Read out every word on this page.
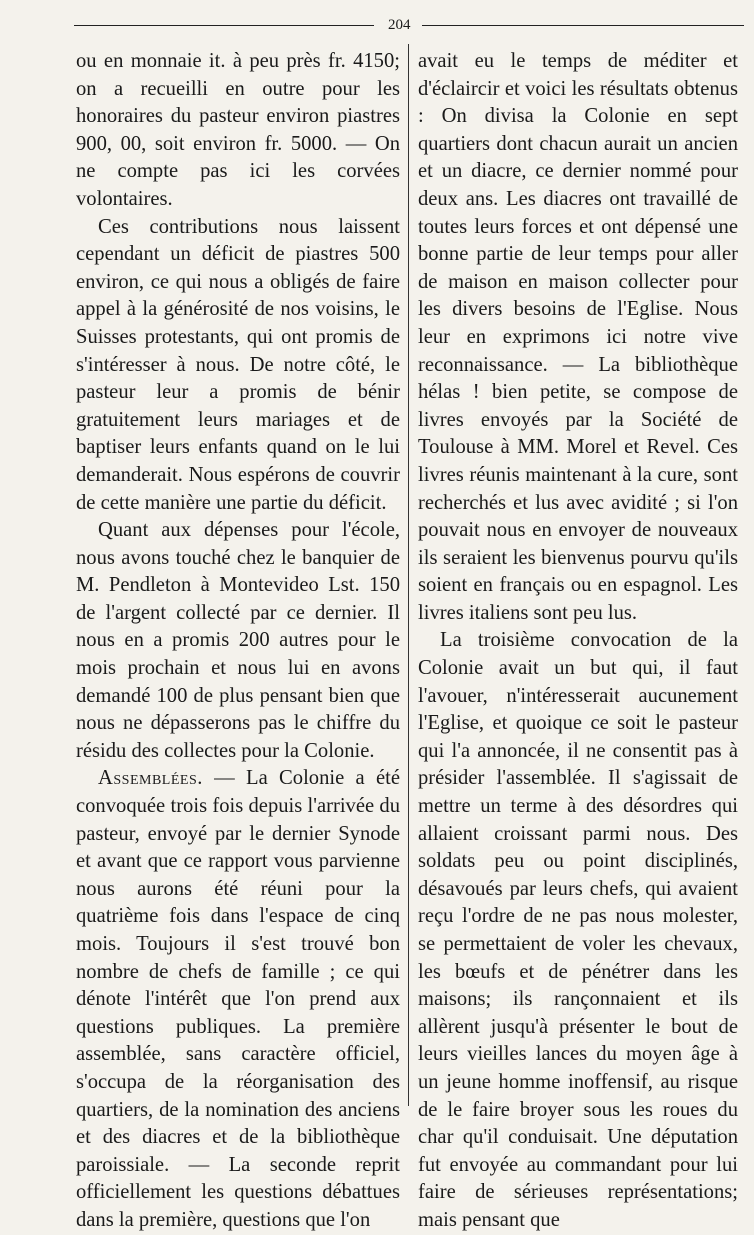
204

ou en monnaie it. à peu près fr. 4150; on a recueilli en outre pour les honoraires du pasteur environ piastres 900, 00, soit environ fr. 5000. — On ne compte pas ici les corvées volontaires.

Ces contributions nous laissent cependant un déficit de piastres 500 environ, ce qui nous a obligés de faire appel à la générosité de nos voisins, le Suisses protestants, qui ont promis de s'intéresser à nous. De notre côté, le pasteur leur a promis de bénir gratuitement leurs mariages et de baptiser leurs enfants quand on le lui demanderait. Nous espérons de couvrir de cette manière une partie du déficit.

Quant aux dépenses pour l'école, nous avons touché chez le banquier de M. Pendleton à Montevideo Lst. 150 de l'argent collecté par ce dernier. Il nous en a promis 200 autres pour le mois prochain et nous lui en avons demandé 100 de plus pensant bien que nous ne dépasserons pas le chiffre du résidu des collectes pour la Colonie.

Assemblées. — La Colonie a été convoquée trois fois depuis l'arrivée du pasteur, envoyé par le dernier Synode et avant que ce rapport vous parvienne nous aurons été réuni pour la quatrième fois dans l'espace de cinq mois. Toujours il s'est trouvé bon nombre de chefs de famille ; ce qui dénote l'intérêt que l'on prend aux questions publiques. La première assemblée, sans caractère officiel, s'occupa de la réorganisation des quartiers, de la nomination des anciens et des diacres et de la bibliothèque paroissiale. — La seconde reprit officiellement les questions débattues dans la première, questions que l'on

avait eu le temps de méditer et d'éclaircir et voici les résultats obtenus : On divisa la Colonie en sept quartiers dont chacun aurait un ancien et un diacre, ce dernier nommé pour deux ans. Les diacres ont travaillé de toutes leurs forces et ont dépensé une bonne partie de leur temps pour aller de maison en maison collecter pour les divers besoins de l'Eglise. Nous leur en exprimons ici notre vive reconnaissance. — La bibliothèque hélas ! bien petite, se compose de livres envoyés par la Société de Toulouse à MM. Morel et Revel. Ces livres réunis maintenant à la cure, sont recherchés et lus avec avidité ; si l'on pouvait nous en envoyer de nouveaux ils seraient les bienvenus pourvu qu'ils soient en français ou en espagnol. Les livres italiens sont peu lus.

La troisième convocation de la Colonie avait un but qui, il faut l'avouer, n'intéresserait aucunement l'Eglise, et quoique ce soit le pasteur qui l'a annoncée, il ne consentit pas à présider l'assemblée. Il s'agissait de mettre un terme à des désordres qui allaient croissant parmi nous. Des soldats peu ou point disciplinés, désavoués par leurs chefs, qui avaient reçu l'ordre de ne pas nous molester, se permettaient de voler les chevaux, les bœufs et de pénétrer dans les maisons; ils rançonnaient et ils allèrent jusqu'à présenter le bout de leurs vieilles lances du moyen âge à un jeune homme inoffensif, au risque de le faire broyer sous les roues du char qu'il conduisait. Une députation fut envoyée au commandant pour lui faire de sérieuses représentations; mais pensant que
